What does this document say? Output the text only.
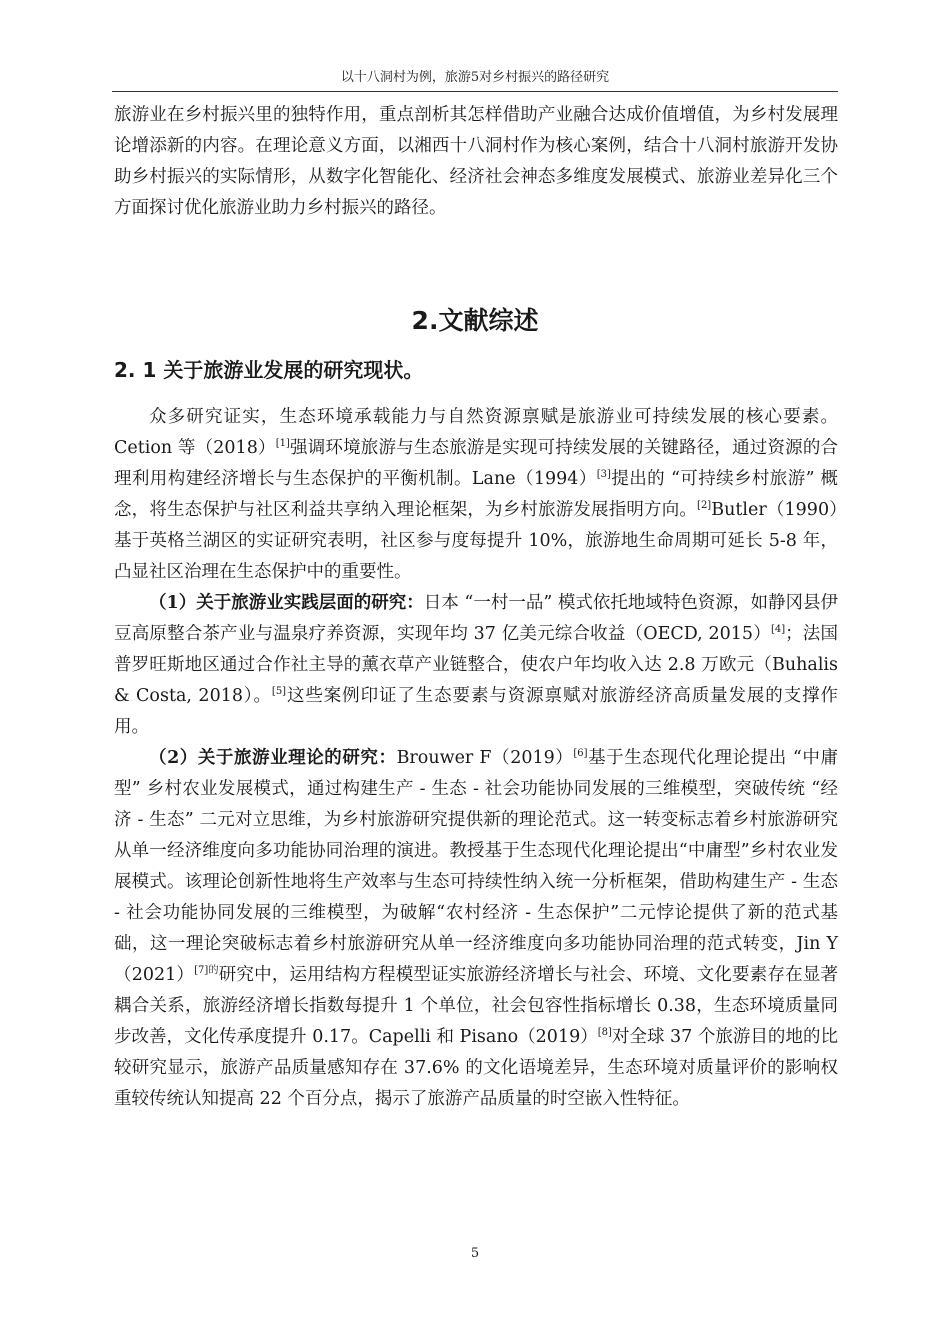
以十八洞村为例，旅游5对乡村振兴的路径研究

旅游业在乡村振兴里的独特作用，重点剖析其怎样借助产业融合达成价值增值，为乡村发展理论增添新的内容。在理论意义方面，以湘西十八洞村作为核心案例，结合十八洞村旅游开发协助乡村振兴的实际情形，从数字化智能化、经济社会神态多维度发展模式、旅游业差异化三个方面探讨优化旅游业助力乡村振兴的路径。

2.文献综述
2. 1 关于旅游业发展的研究现状。

众多研究证实，生态环境承载能力与自然资源禀赋是旅游业可持续发展的核心要素。Cetion 等（2018）[1]强调环境旅游与生态旅游是实现可持续发展的关键路径，通过资源的合理利用构建经济增长与生态保护的平衡机制。Lane（1994）[3]提出的 “可持续乡村旅游” 概念，将生态保护与社区利益共享纳入理论框架，为乡村旅游发展指明方向。[2]Butler（1990）基于英格兰湖区的实证研究表明，社区参与度每提升 10%，旅游地生命周期可延长 5-8 年，凸显社区治理在生态保护中的重要性。

（1）关于旅游业实践层面的研究：日本 “一村一品” 模式依托地域特色资源，如静冈县伊豆高原整合茶产业与温泉疗养资源，实现年均 37 亿美元综合收益（OECD, 2015）[4]；法国普罗旺斯地区通过合作社主导的薰衣草产业链整合，使农户年均收入达 2.8 万欧元（Buhalis & Costa, 2018）。[5]这些案例印证了生态要素与资源禀赋对旅游经济高质量发展的支撑作用。

（2）关于旅游业理论的研究：Brouwer F（2019）[6]基于生态现代化理论提出 “中庸型” 乡村农业发展模式，通过构建生产 - 生态 - 社会功能协同发展的三维模型，突破传统 “经济 - 生态” 二元对立思维，为乡村旅游研究提供新的理论范式。这一转变标志着乡村旅游研究从单一经济维度向多功能协同治理的演进。教授基于生态现代化理论提出“中庸型”乡村农业发展模式。该理论创新性地将生产效率与生态可持续性纳入统一分析框架，借助构建生产 - 生态 - 社会功能协同发展的三维模型，为破解“农村经济 - 生态保护”二元悖论提供了新的范式基础，这一理论突破标志着乡村旅游研究从单一经济维度向多功能协同治理的范式转变，Jin $Y(2021)^{[7]的}$研究中，运用结构方程模型证实旅游经济增长与社会、环境、文化要素存在显著耦合关系，旅游经济增长指数每提升 1 个单位，社会包容性指标增长 0.38，生态环境质量同步改善，文化传承度提升 0.17。Capelli 和 Pisano（2019）[8]对全球 37 个旅游目的地的比较研究显示，旅游产品质量感知存在 37.6% 的文化语境差异，生态环境对质量评价的影响权重较传统认知提高 22 个百分点，揭示了旅游产品质量的时空嵌入性特征。

5
